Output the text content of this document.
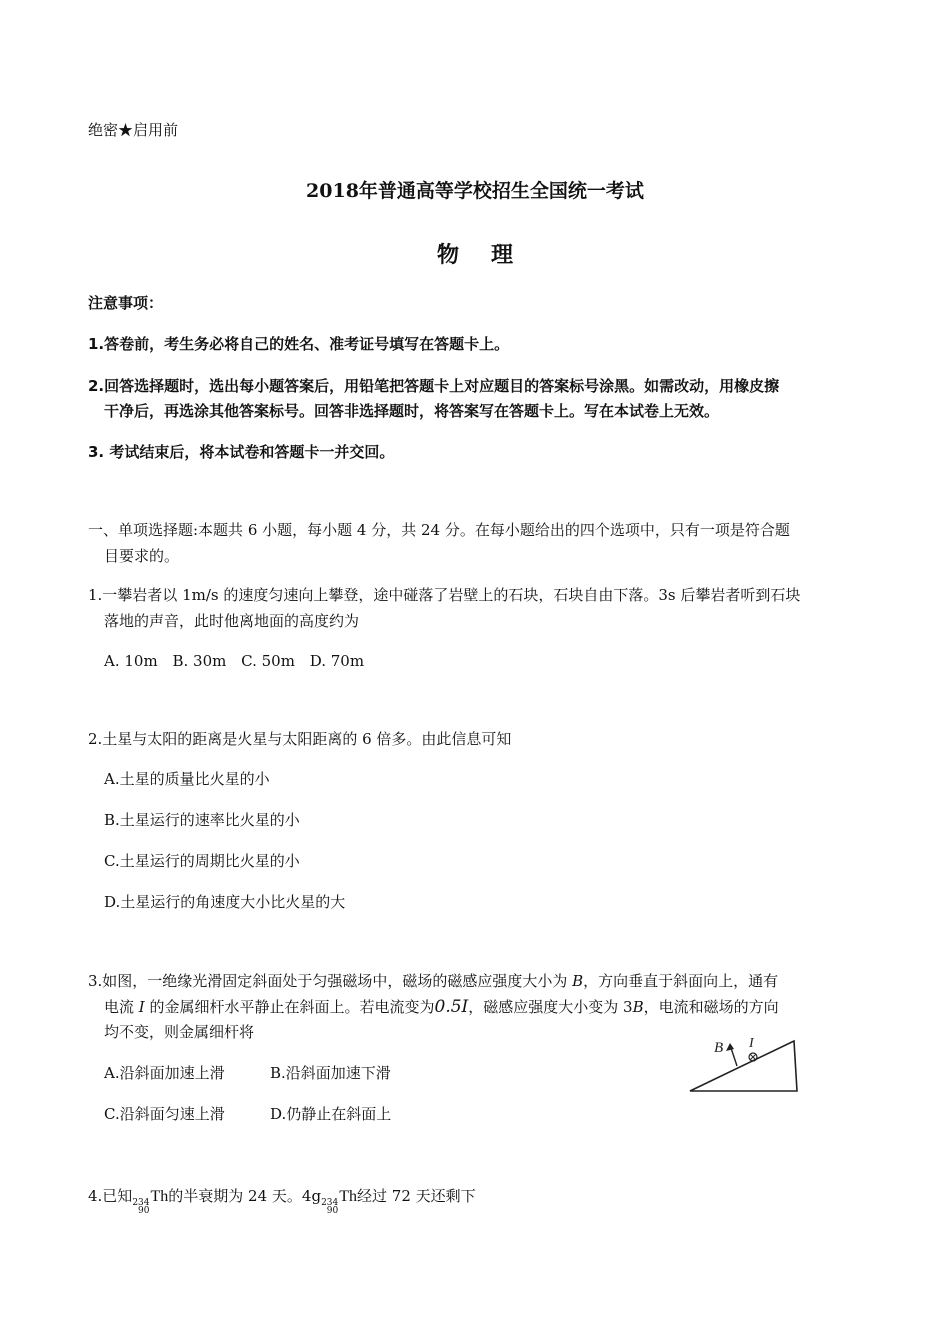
绝密★启用前
2018年普通高等学校招生全国统一考试
物理
注意事项：
1.答卷前，考生务必将自己的姓名、准考证号填写在答题卡上。
2.回答选择题时，选出每小题答案后，用铅笔把答题卡上对应题目的答案标号涂黑。如需改动，用橡皮擦
干净后，再选涂其他答案标号。回答非选择题时，将答案写在答题卡上。写在本试卷上无效。
3. 考试结束后，将本试卷和答题卡一并交回。
一、单项选择题:本题共 6 小题，每小题 4 分，共 24 分。在每小题给出的四个选项中，只有一项是符合题
目要求的。
1.一攀岩者以 1m/s 的速度匀速向上攀登，途中碰落了岩壁上的石块，石块自由下落。3s 后攀岩者听到石块
落地的声音，此时他离地面的高度约为
A. 10m B. 30m C. 50m D. 70m
2.土星与太阳的距离是火星与太阳距离的 6 倍多。由此信息可知
A.土星的质量比火星的小
B.土星运行的速率比火星的小
C.土星运行的周期比火星的小
D.土星运行的角速度大小比火星的大
3.如图，一绝缘光滑固定斜面处于匀强磁场中，磁场的磁感应强度大小为 B，方向垂直于斜面向上，通有
电流 I 的金属细杆水平静止在斜面上。若电流变为0.5I，磁感应强度大小变为 3B，电流和磁场的方向
均不变，则金属细杆将
A.沿斜面加速上滑	B.沿斜面加速下滑
C.沿斜面匀速上滑	D.仍静止在斜面上
B I
4.已知 234
90
Th的半衰期为 24 天。4g 234
90
Th经过 72 天还剩下
